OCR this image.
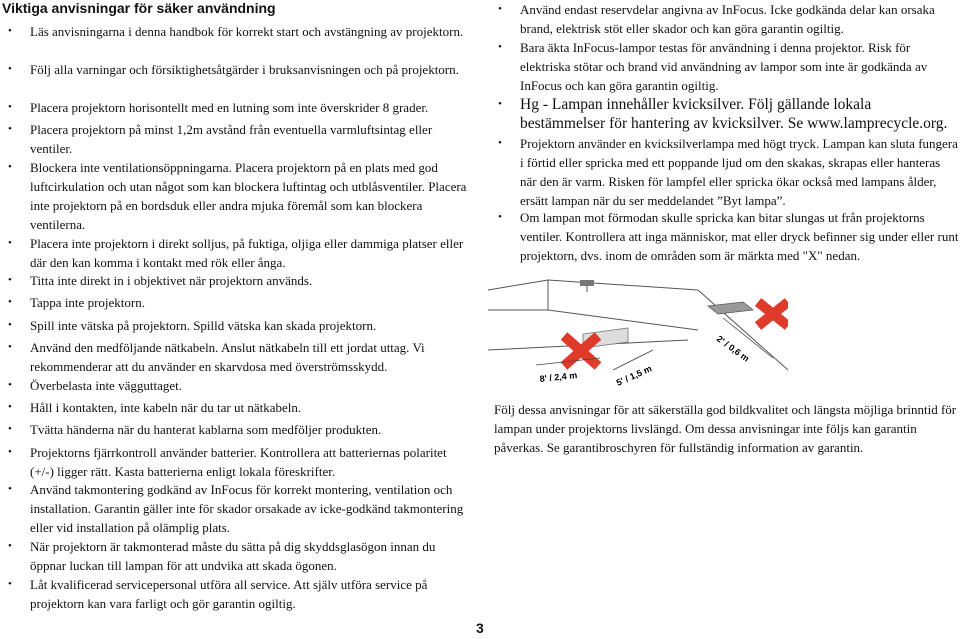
Viktiga anvisningar för säker användning
• Läs anvisningarna i denna handbok för korrekt start och avstängning av projektorn.
• Följ alla varningar och försiktighetsåtgärder i bruksanvisningen och på projektorn.
• Placera projektorn horisontellt med en lutning som inte överskrider 8 grader.
• Placera projektorn på minst 1,2m avstånd från eventuella varmluftsintag eller ventiler.
• Blockera inte ventilationsöppningarna. Placera projektorn på en plats med god luftcirkulation och utan något som kan blockera luftintag och utblåsventiler. Placera inte projektorn på en bordsduk eller andra mjuka föremål som kan blockera ventilerna.
• Placera inte projektorn i direkt solljus, på fuktiga, oljiga eller dammiga platser eller där den kan komma i kontakt med rök eller ånga.
• Titta inte direkt in i objektivet när projektorn används.
• Tappa inte projektorn.
• Spill inte vätska på projektorn. Spilld vätska kan skada projektorn.
• Använd den medföljande nätkabeln. Anslut nätkabeln till ett jordat uttag. Vi rekommenderar att du använder en skarvdosa med överströmsskydd.
• Överbelasta inte vägguttaget.
• Håll i kontakten, inte kabeln när du tar ut nätkabeln.
• Tvätta händerna när du hanterat kablarna som medföljer produkten.
• Projektorns fjärrkontroll använder batterier. Kontrollera att batteriernas polaritet (+/-) ligger rätt. Kasta batterierna enligt lokala föreskrifter.
• Använd takmontering godkänd av InFocus för korrekt montering, ventilation och installation. Garantin gäller inte för skador orsakade av icke-godkänd takmontering eller vid installation på olämplig plats.
• När projektorn är takmonterad måste du sätta på dig skyddsglasögon innan du öppnar luckan till lampan för att undvika att skada ögonen.
• Låt kvalificerad servicepersonal utföra all service. Att själv utföra service på projektorn kan vara farligt och gör garantin ogiltig.
• Använd endast reservdelar angivna av InFocus. Icke godkända delar kan orsaka brand, elektrisk stöt eller skador och kan göra garantin ogiltig.
• Bara äkta InFocus-lampor testas för användning i denna projektor. Risk för elektriska stötar och brand vid användning av lampor som inte är godkända av InFocus och kan göra garantin ogiltig.
• Hg - Lampan innehåller kvicksilver. Följ gällande lokala bestämmelser för hantering av kvicksilver. Se www.lamprecycle.org.
• Projektorn använder en kvicksilverlampa med högt tryck. Lampan kan sluta fungera i förtid eller spricka med ett poppande ljud om den skakas, skrapas eller hanteras när den är varm. Risken för lampfel eller spricka ökar också med lampans ålder, ersätt lampan när du ser meddelandet ”Byt lampa”.
• Om lampan mot förmodan skulle spricka kan bitar slungas ut från projektorns ventiler. Kontrollera att inga människor, mat eller dryck befinner sig under eller runt projektorn, dvs. inom de områden som är märkta med "X" nedan.
8' / 2,4 m	5' / 1,5 m
2' / 0,6 m

Följ dessa anvisningar för att säkerställa god bildkvalitet och längsta möjliga brinntid för lampan under projektorns livslängd. Om dessa anvisningar inte följs kan garantin påverkas. Se garantibroschyren för fullständig information av garantin.

3
